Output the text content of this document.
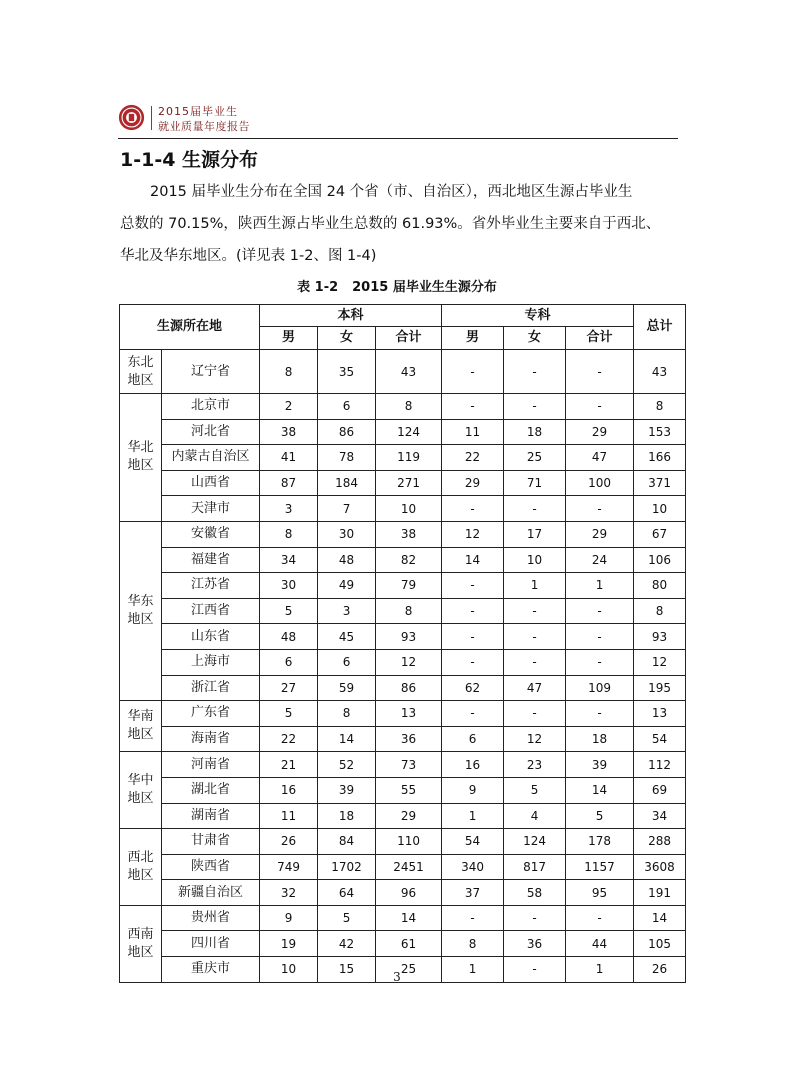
2015届毕业生
就业质量年度报告
1-1-4 生源分布
2015 届毕业生分布在全国 24 个省（市、自治区），西北地区生源占毕业生
总数的 70.15%，陕西生源占毕业生总数的 61.93%。省外毕业生主要来自于西北、
华北及华东地区。(详见表 1-2、图 1-4)
表 1-2 2015 届毕业生生源分布
生源所在地		本科			专科			总计
		男	女	合计	男	女	合计	

东北
地区	辽宁省	8	35	43	-	-	-	43

华北
地区	北京市	2	6	8	-	-	-	8
	河北省	38	86	124	11	18	29	153
	内蒙古自治区	41	78	119	22	25	47	166
	山西省	87	184	271	29	71	100	371
	天津市	3	7	10	-	-	-	10

华东
地区	安徽省	8	30	38	12	17	29	67
	福建省	34	48	82	14	10	24	106
	江苏省	30	49	79	-	1	1	80
	江西省	5	3	8	-	-	-	8
	山东省	48	45	93	-	-	-	93
	上海市	6	6	12	-	-	-	12
	浙江省	27	59	86	62	47	109	195

华南
地区	广东省	5	8	13	-	-	-	13
	海南省	22	14	36	6	12	18	54

华中
地区	河南省	21	52	73	16	23	39	112
	湖北省	16	39	55	9	5	14	69
	湖南省	11	18	29	1	4	5	34

西北
地区	甘肃省	26	84	110	54	124	178	288
	陕西省	749	1702	2451	340	817	1157	3608
	新疆自治区	32	64	96	37	58	95	191

西南
地区	贵州省	9	5	14	-	-	-	14
	四川省	19	42	61	8	36	44	105
	重庆市	10	15	25	1	-	1	26
3
